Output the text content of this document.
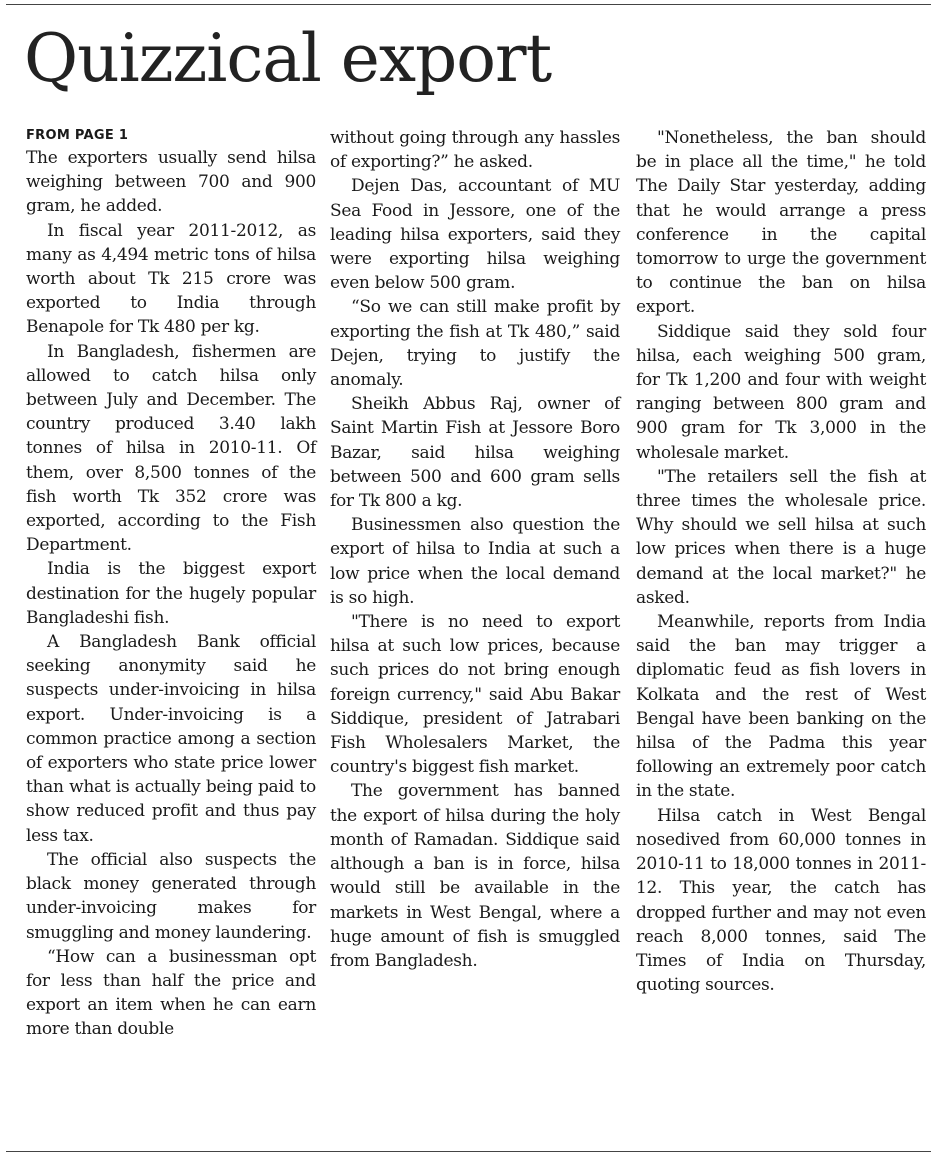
Quizzical export
FROM PAGE 1

The exporters usually send hilsa weighing between 700 and 900 gram, he added.

In fiscal year 2011-2012, as many as 4,494 metric tons of hilsa worth about Tk 215 crore was exported to India through Benapole for Tk 480 per kg.

In Bangladesh, fishermen are allowed to catch hilsa only between July and December. The country produced 3.40 lakh tonnes of hilsa in 2010-11. Of them, over 8,500 tonnes of the fish worth Tk 352 crore was exported, according to the Fish Department.

India is the biggest export destination for the hugely popular Bangladeshi fish.

A Bangladesh Bank official seeking anonymity said he suspects under-invoicing in hilsa export. Under-invoicing is a common practice among a section of exporters who state price lower than what is actually being paid to show reduced profit and thus pay less tax.

The official also suspects the black money generated through under-invoicing makes for smuggling and money laundering.

“How can a businessman opt for less than half the price and export an item when he can earn more than double

without going through any hassles of exporting?” he asked.

Dejen Das, accountant of MU Sea Food in Jessore, one of the leading hilsa exporters, said they were exporting hilsa weighing even below 500 gram.

“So we can still make profit by exporting the fish at Tk 480,” said Dejen, trying to justify the anomaly.

Sheikh Abbus Raj, owner of Saint Martin Fish at Jessore Boro Bazar, said hilsa weighing between 500 and 600 gram sells for Tk 800 a kg.

Businessmen also question the export of hilsa to India at such a low price when the local demand is so high.

"There is no need to export hilsa at such low prices, because such prices do not bring enough foreign currency," said Abu Bakar Siddique, president of Jatrabari Fish Wholesalers Market, the country's biggest fish market.

The government has banned the export of hilsa during the holy month of Ramadan. Siddique said although a ban is in force, hilsa would still be available in the markets in West Bengal, where a huge amount of fish is smuggled from Bangladesh.

"Nonetheless, the ban should be in place all the time," he told The Daily Star yesterday, adding that he would arrange a press conference in the capital tomorrow to urge the government to continue the ban on hilsa export.

Siddique said they sold four hilsa, each weighing 500 gram, for Tk 1,200 and four with weight ranging between 800 gram and 900 gram for Tk 3,000 in the wholesale market.

"The retailers sell the fish at three times the wholesale price. Why should we sell hilsa at such low prices when there is a huge demand at the local market?" he asked.

Meanwhile, reports from India said the ban may trigger a diplomatic feud as fish lovers in Kolkata and the rest of West Bengal have been banking on the hilsa of the Padma this year following an extremely poor catch in the state.

Hilsa catch in West Bengal nosedived from 60,000 tonnes in 2010-11 to 18,000 tonnes in 2011-12. This year, the catch has dropped further and may not even reach 8,000 tonnes, said The Times of India on Thursday, quoting sources.
